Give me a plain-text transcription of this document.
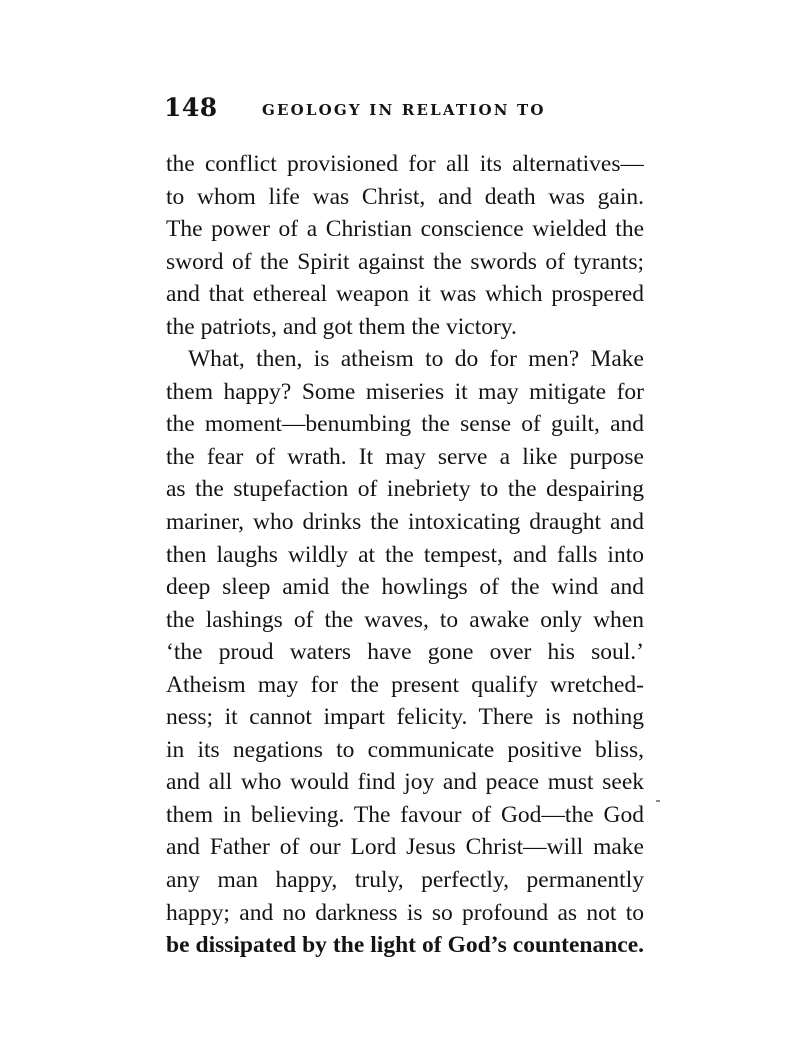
148	GEOLOGY IN RELATION TO
the conflict provisioned for all its alternatives—
to whom life was Christ, and death was gain.
The power of a Christian conscience wielded the
sword of the Spirit against the swords of tyrants;
and that ethereal weapon it was which prospered
the patriots, and got them the victory.
What, then, is atheism to do for men? Make
them happy? Some miseries it may mitigate for
the moment—benumbing the sense of guilt, and
the fear of wrath. It may serve a like purpose
as the stupefaction of inebriety to the despairing
mariner, who drinks the intoxicating draught and
then laughs wildly at the tempest, and falls into
deep sleep amid the howlings of the wind and
the lashings of the waves, to awake only when
‘the proud waters have gone over his soul.’
Atheism may for the present qualify wretched-
ness; it cannot impart felicity. There is nothing
in its negations to communicate positive bliss,
and all who would find joy and peace must seek
them in believing. The favour of God—the God
and Father of our Lord Jesus Christ—will make
any man happy, truly, perfectly, permanently
happy; and no darkness is so profound as not to
be dissipated by the light of God’s countenance.
